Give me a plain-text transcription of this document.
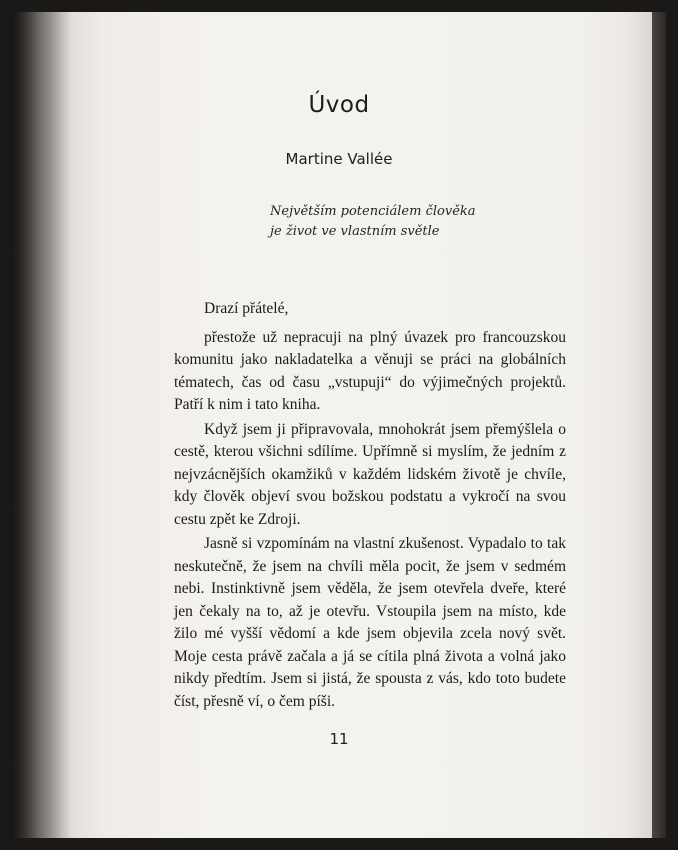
Úvod
Martine Vallée
Největším potenciálem člověka
je život ve vlastním světle

Drazí přátelé,

přestože už nepracuji na plný úvazek pro francouzskou komunitu jako nakladatelka a věnuji se práci na globálních tématech, čas od času „vstupuji“ do výjimečných projektů. Patří k nim i tato kniha.

Když jsem ji připravovala, mnohokrát jsem přemýšlela o cestě, kterou všichni sdílíme. Upřímně si myslím, že jedním z nejvzácnějších okamžiků v každém lidském životě je chvíle, kdy člověk objeví svou božskou podstatu a vykročí na svou cestu zpět ke Zdroji.

Jasně si vzpomínám na vlastní zkušenost. Vypadalo to tak neskutečně, že jsem na chvíli měla pocit, že jsem v sedmém nebi. Instinktivně jsem věděla, že jsem otevřela dveře, které jen čekaly na to, až je otevřu. Vstoupila jsem na místo, kde žilo mé vyšší vědomí a kde jsem objevila zcela nový svět. Moje cesta právě začala a já se cítila plná života a volná jako nikdy předtím. Jsem si jistá, že spousta z vás, kdo toto budete číst, přesně ví, o čem píši.

11
